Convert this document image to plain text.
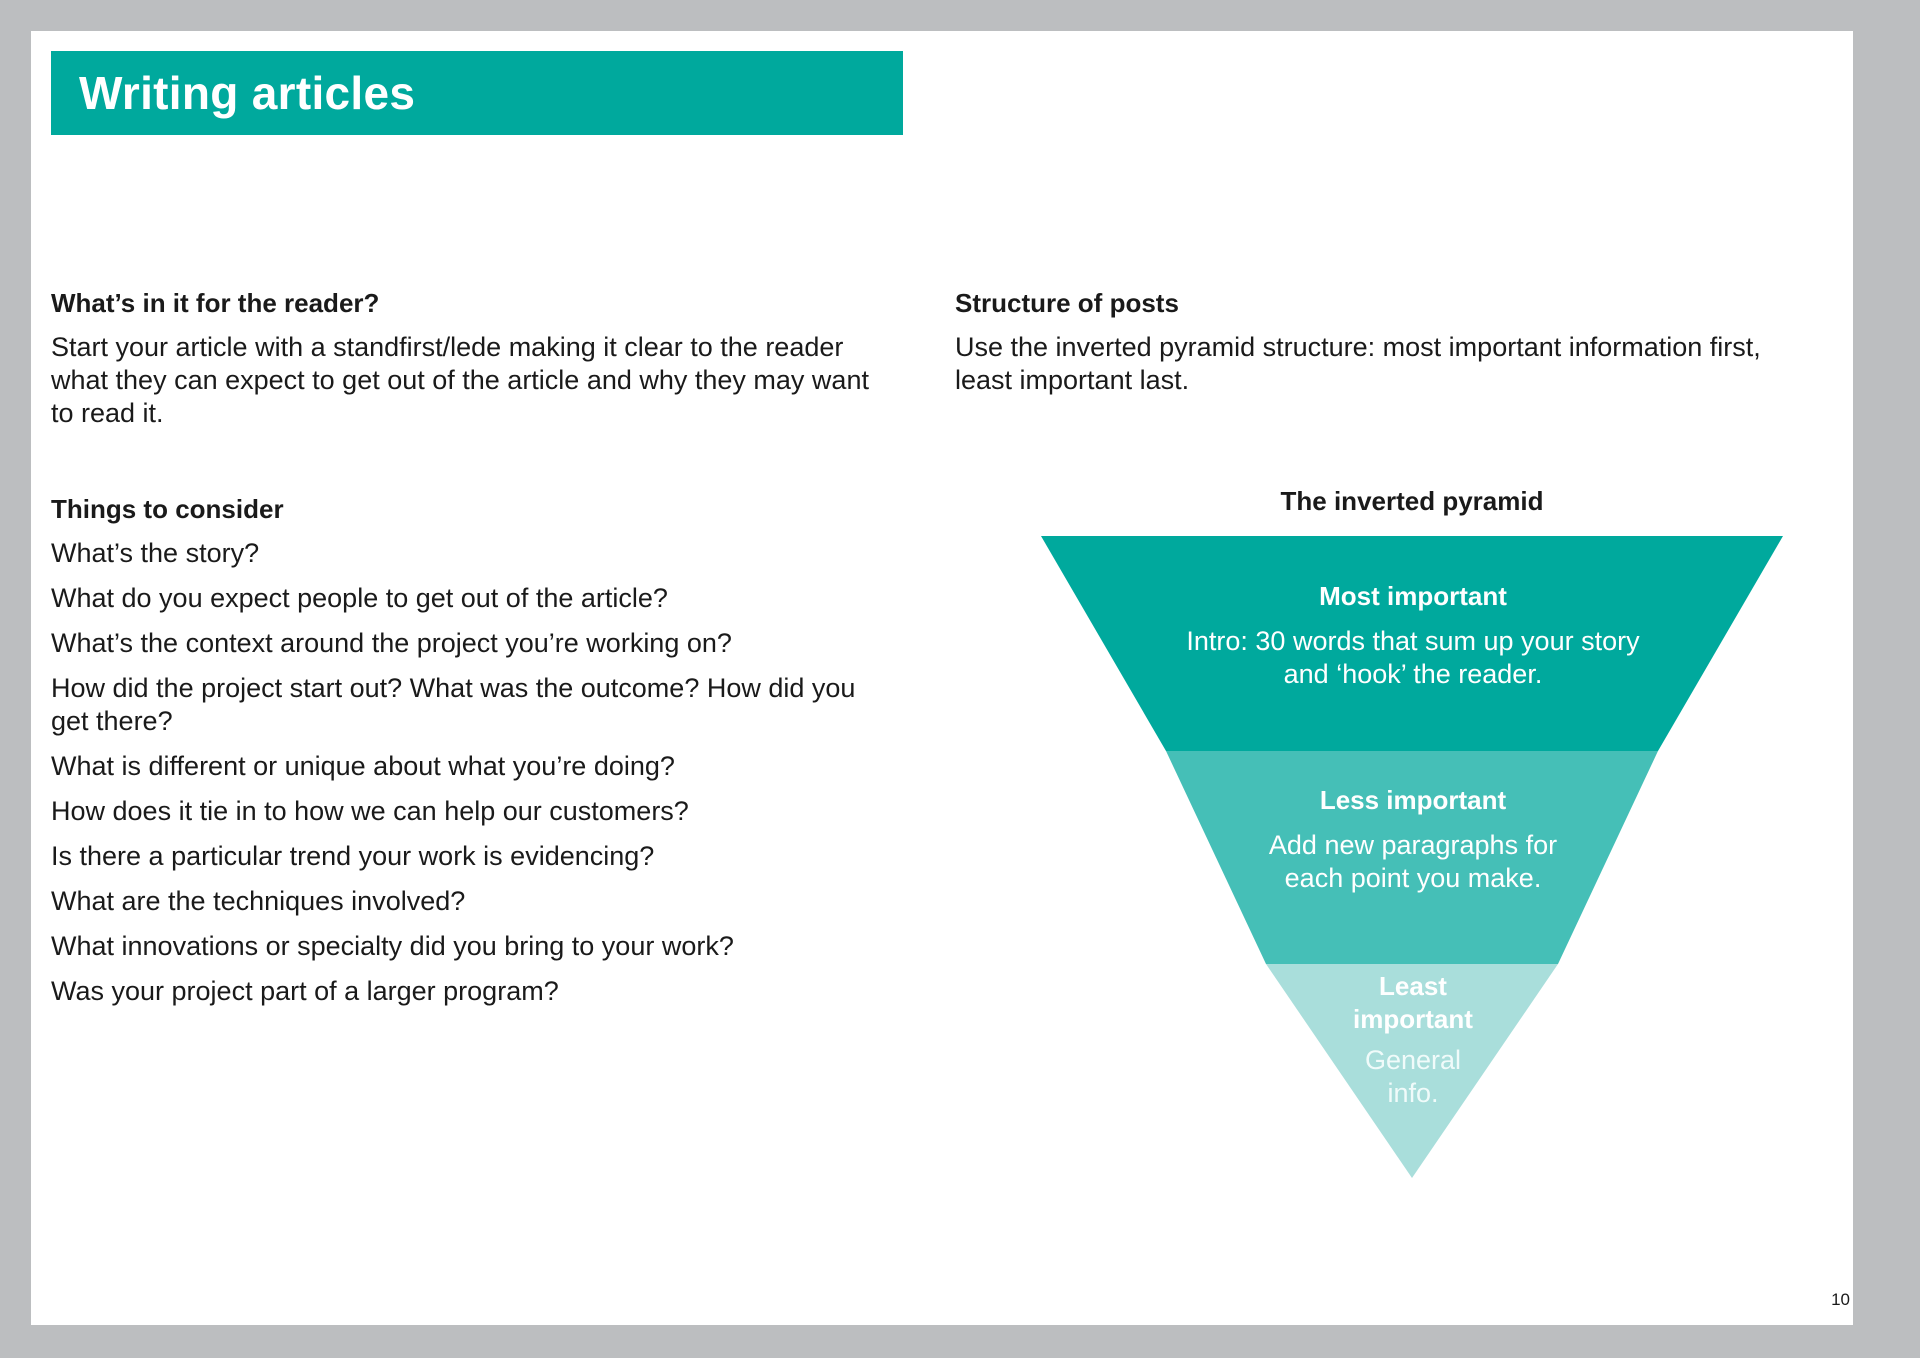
Writing articles

What’s in it for the reader?

Start your article with a standfirst/lede making it clear to the reader what they can expect to get out of the article and why they may want to read it.

Things to consider

What’s the story?
What do you expect people to get out of the article?
What’s the context around the project you’re working on?
How did the project start out? What was the outcome? How did you get there?
What is different or unique about what you’re doing?
How does it tie in to how we can help our customers?
Is there a particular trend your work is evidencing?
What are the techniques involved?
What innovations or specialty did you bring to your work?
Was your project part of a larger program?

Structure of posts

Use the inverted pyramid structure: most important information first, least important last.

The inverted pyramid
Most important
Intro: 30 words that sum up your story and ‘hook’ the reader.
Less important
Add new paragraphs for each point you make.
Least important
General info.
10
